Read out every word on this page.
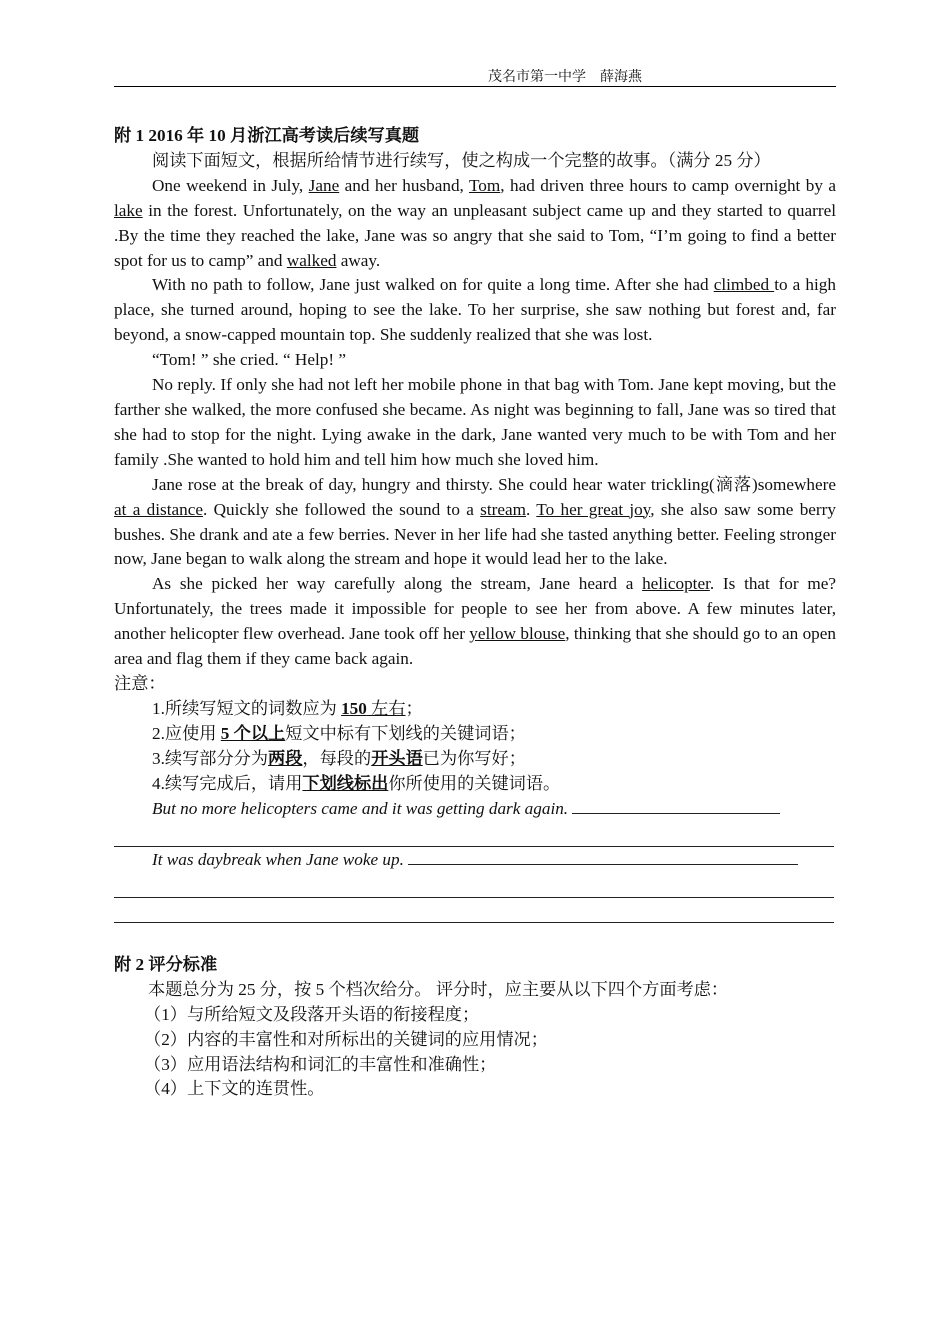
茂名市第一中学　薛海燕

附 1 2016 年 10 月浙江高考读后续写真题

阅读下面短文，根据所给情节进行续写，使之构成一个完整的故事。（满分 25 分）

One weekend in July, Jane and her husband, Tom, had driven three hours to camp overnight by a lake in the forest. Unfortunately, on the way an unpleasant subject came up and they started to quarrel .By the time they reached the lake, Jane was so angry that she said to Tom, “I’m going to find a better spot for us to camp” and walked away.

With no path to follow, Jane just walked on for quite a long time. After she had climbed to a high place, she turned around, hoping to see the lake. To her surprise, she saw nothing but forest and, far beyond, a snow-capped mountain top. She suddenly realized that she was lost.

“Tom! ” she cried. “ Help! ”

No reply. If only she had not left her mobile phone in that bag with Tom. Jane kept moving, but the farther she walked, the more confused she became. As night was beginning to fall, Jane was so tired that she had to stop for the night. Lying awake in the dark, Jane wanted very much to be with Tom and her family .She wanted to hold him and tell him how much she loved him.

Jane rose at the break of day, hungry and thirsty. She could hear water trickling(滴落)somewhere at a distance. Quickly she followed the sound to a stream. To her great joy, she also saw some berry bushes. She drank and ate a few berries. Never in her life had she tasted anything better. Feeling stronger now, Jane began to walk along the stream and hope it would lead her to the lake.

As she picked her way carefully along the stream, Jane heard a helicopter. Is that for me? Unfortunately, the trees made it impossible for people to see her from above. A few minutes later, another helicopter flew overhead. Jane took off her yellow blouse, thinking that she should go to an open area and flag them if they came back again.

注意：

1.所续写短文的词数应为 150 左右；

2.应使用 5 个以上短文中标有下划线的关键词语；

3.续写部分分为两段，每段的开头语已为你写好；

4.续写完成后，请用下划线标出你所使用的关键词语。

But no more helicopters came and it was getting dark again.

It was daybreak when Jane woke up.

附 2 评分标准

本题总分为 25 分，按 5 个档次给分。 评分时，应主要从以下四个方面考虑：

（1）与所给短文及段落开头语的衔接程度；

（2）内容的丰富性和对所标出的关键词的应用情况；

（3）应用语法结构和词汇的丰富性和准确性；

（4）上下文的连贯性。
